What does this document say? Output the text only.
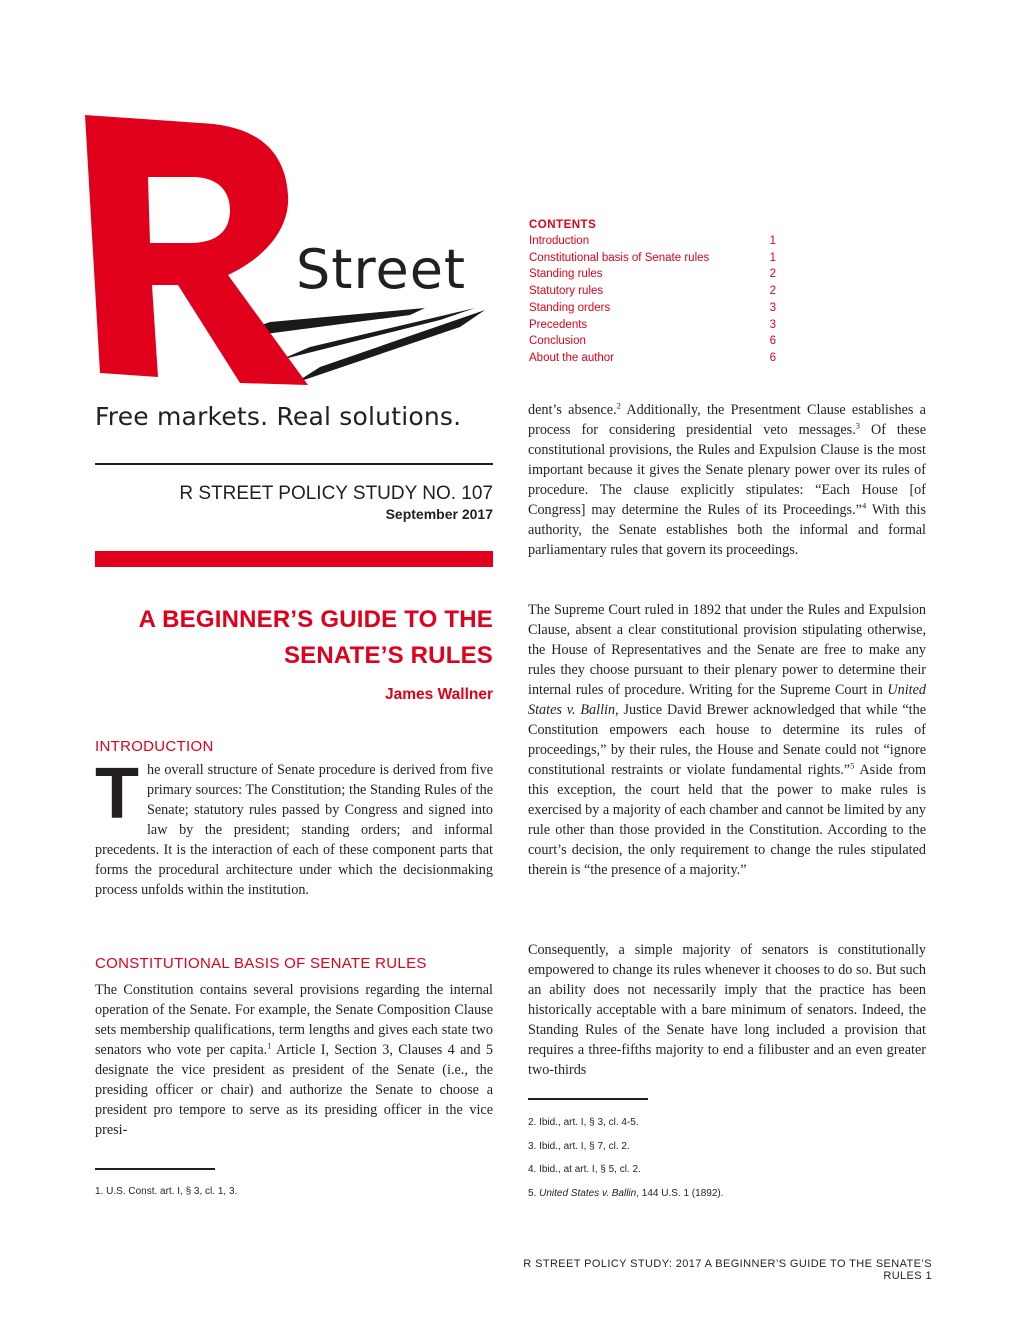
Street
CONTENTS
Introduction	1
Constitutional basis of Senate rules	1
Standing rules	2
Statutory rules	2
Standing orders	3
Precedents	3
Conclusion	6
About the author	6
Free markets. Real solutions.
R STREET POLICY STUDY NO. 107
September 2017
A BEGINNER’S GUIDE TO THE
SENATE’S RULES
James Wallner
INTRODUCTION
The overall structure of Senate procedure is derived from five primary sources: The Constitution; the Standing Rules of the Senate; statutory rules passed by Congress and signed into law by the president; standing orders; and informal precedents. It is the interaction of each of these component parts that forms the procedural architecture under which the decisionmaking process unfolds within the institution.
CONSTITUTIONAL BASIS OF SENATE RULES
The Constitution contains several provisions regarding the internal operation of the Senate. For example, the Senate Composition Clause sets membership qualifications, term lengths and gives each state two senators who vote per capita.$^1$ Article I, Section 3, Clauses 4 and 5 designate the vice president as president of the Senate (i.e., the presiding officer or chair) and authorize the Senate to choose a president pro tempore to serve as its presiding officer in the vice presi-
1. U.S. Const. art. I, § 3, cl. 1, 3.
dent’s absence.$^2$ Additionally, the Presentment Clause establishes a process for considering presidential veto messages.$^3$ Of these constitutional provisions, the Rules and Expulsion Clause is the most important because it gives the Senate plenary power over its rules of procedure. The clause explicitly stipulates: “Each House [of Congress] may determine the Rules of its Proceedings.”$^4$ With this authority, the Senate establishes both the informal and formal parliamentary rules that govern its proceedings.
The Supreme Court ruled in 1892 that under the Rules and Expulsion Clause, absent a clear constitutional provision stipulating otherwise, the House of Representatives and the Senate are free to make any rules they choose pursuant to their plenary power to determine their internal rules of procedure. Writing for the Supreme Court in United States v. Ballin, Justice David Brewer acknowledged that while “the Constitution empowers each house to determine its rules of proceedings,” by their rules, the House and Senate could not “ignore constitutional restraints or violate fundamental rights.”$^5$ Aside from this exception, the court held that the power to make rules is exercised by a majority of each chamber and cannot be limited by any rule other than those provided in the Constitution. According to the court’s decision, the only requirement to change the rules stipulated therein is “the presence of a majority.”
Consequently, a simple majority of senators is constitutionally empowered to change its rules whenever it chooses to do so. But such an ability does not necessarily imply that the practice has been historically acceptable with a bare minimum of senators. Indeed, the Standing Rules of the Senate have long included a provision that requires a three-fifths majority to end a filibuster and an even greater two-thirds
2. Ibid., art. I, § 3, cl. 4-5.
3. Ibid., art. I, § 7, cl. 2.
4. Ibid., at art. I, § 5, cl. 2.
5. United States v. Ballin, 144 U.S. 1 (1892).
R STREET POLICY STUDY: 2017 A BEGINNER’S GUIDE TO THE SENATE’S RULES 1
